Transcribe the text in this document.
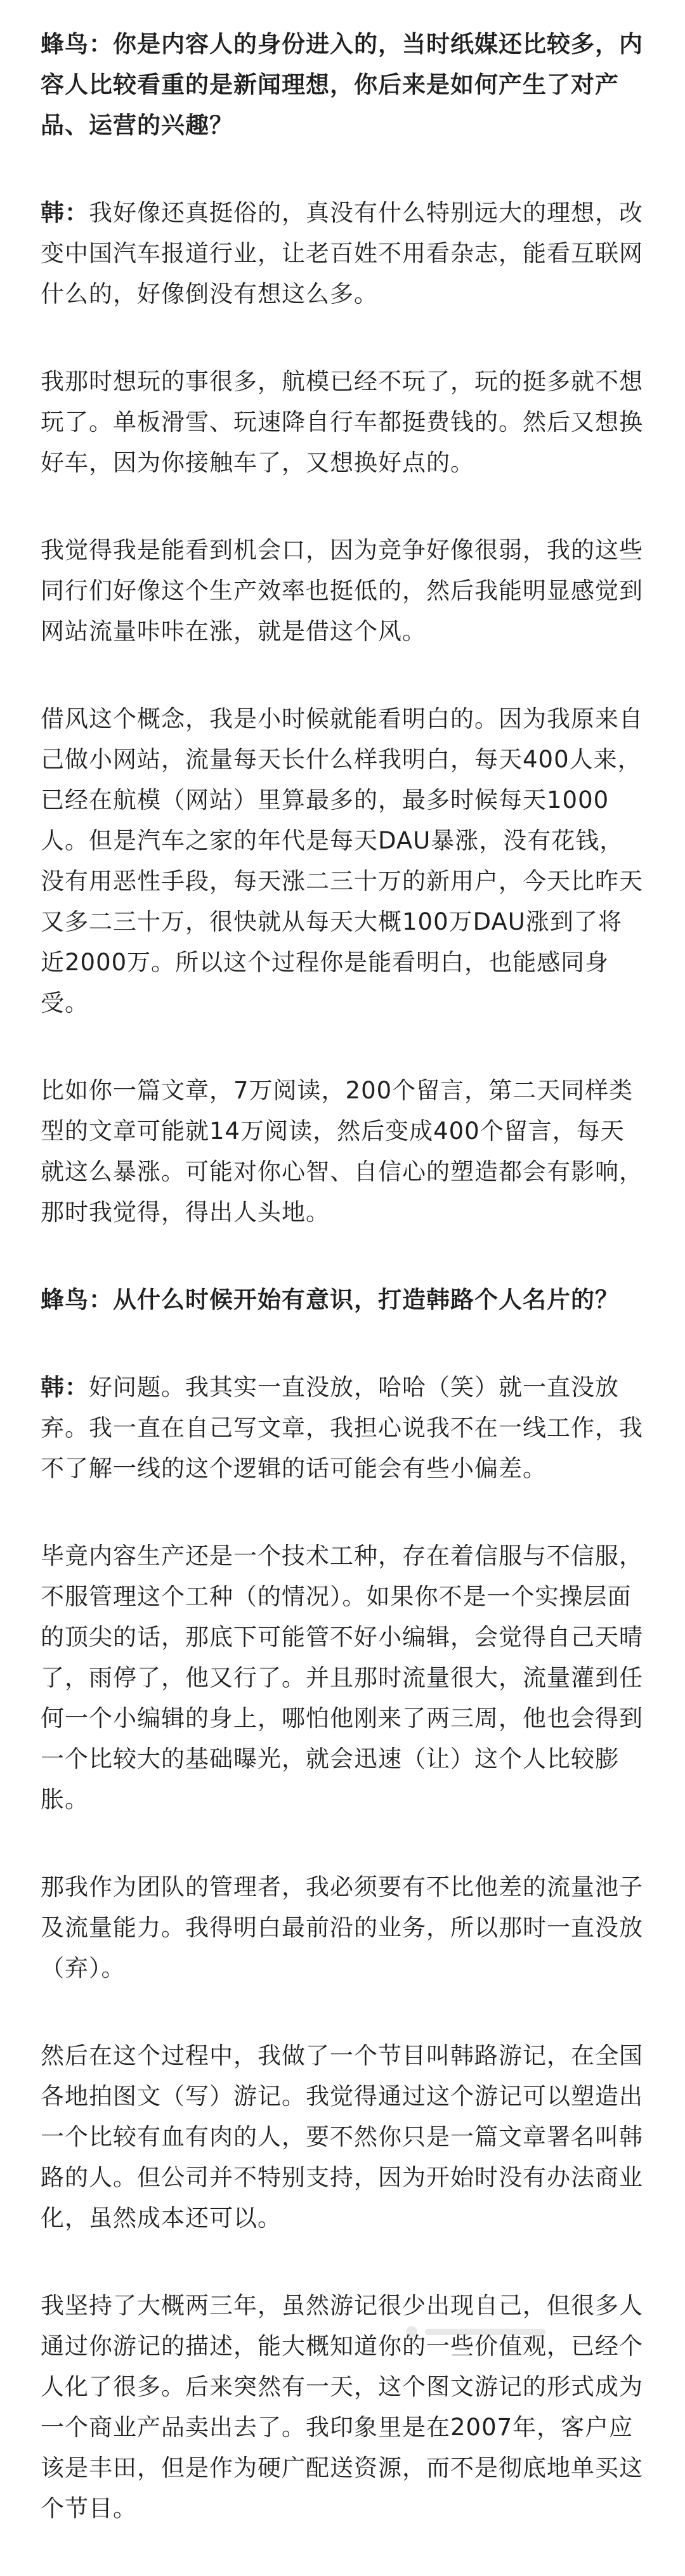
蜂鸟：你是内容人的身份进入的，当时纸媒还比较多，内容人比较看重的是新闻理想，你后来是如何产生了对产品、运营的兴趣？

韩：我好像还真挺俗的，真没有什么特别远大的理想，改变中国汽车报道行业，让老百姓不用看杂志，能看互联网什么的，好像倒没有想这么多。

我那时想玩的事很多，航模已经不玩了，玩的挺多就不想玩了。单板滑雪、玩速降自行车都挺费钱的。然后又想换好车，因为你接触车了，又想换好点的。

我觉得我是能看到机会口，因为竞争好像很弱，我的这些同行们好像这个生产效率也挺低的，然后我能明显感觉到网站流量咔咔在涨，就是借这个风。

借风这个概念，我是小时候就能看明白的。因为我原来自己做小网站，流量每天长什么样我明白，每天400人来，已经在航模（网站）里算最多的，最多时候每天1000人。但是汽车之家的年代是每天DAU暴涨，没有花钱，没有用恶性手段，每天涨二三十万的新用户，今天比昨天又多二三十万，很快就从每天大概100万DAU涨到了将近2000万。所以这个过程你是能看明白，也能感同身受。

比如你一篇文章，7万阅读，200个留言，第二天同样类型的文章可能就14万阅读，然后变成400个留言，每天就这么暴涨。可能对你心智、自信心的塑造都会有影响，那时我觉得，得出人头地。

蜂鸟：从什么时候开始有意识，打造韩路个人名片的？

韩：好问题。我其实一直没放，哈哈（笑）就一直没放弃。我一直在自己写文章，我担心说我不在一线工作，我不了解一线的这个逻辑的话可能会有些小偏差。

毕竟内容生产还是一个技术工种，存在着信服与不信服，不服管理这个工种（的情况）。如果你不是一个实操层面的顶尖的话，那底下可能管不好小编辑，会觉得自己天晴了，雨停了，他又行了。并且那时流量很大，流量灌到任何一个小编辑的身上，哪怕他刚来了两三周，他也会得到一个比较大的基础曝光，就会迅速（让）这个人比较膨胀。

那我作为团队的管理者，我必须要有不比他差的流量池子及流量能力。我得明白最前沿的业务，所以那时一直没放（弃）。

然后在这个过程中，我做了一个节目叫韩路游记，在全国各地拍图文（写）游记。我觉得通过这个游记可以塑造出一个比较有血有肉的人，要不然你只是一篇文章署名叫韩路的人。但公司并不特别支持，因为开始时没有办法商业化，虽然成本还可以。

我坚持了大概两三年，虽然游记很少出现自己，但很多人通过你游记的描述，能大概知道你的一些价值观，已经个人化了很多。后来突然有一天，这个图文游记的形式成为一个商业产品卖出去了。我印象里是在2007年，客户应该是丰田，但是作为硬广配送资源，而不是彻底地单买这个节目。
